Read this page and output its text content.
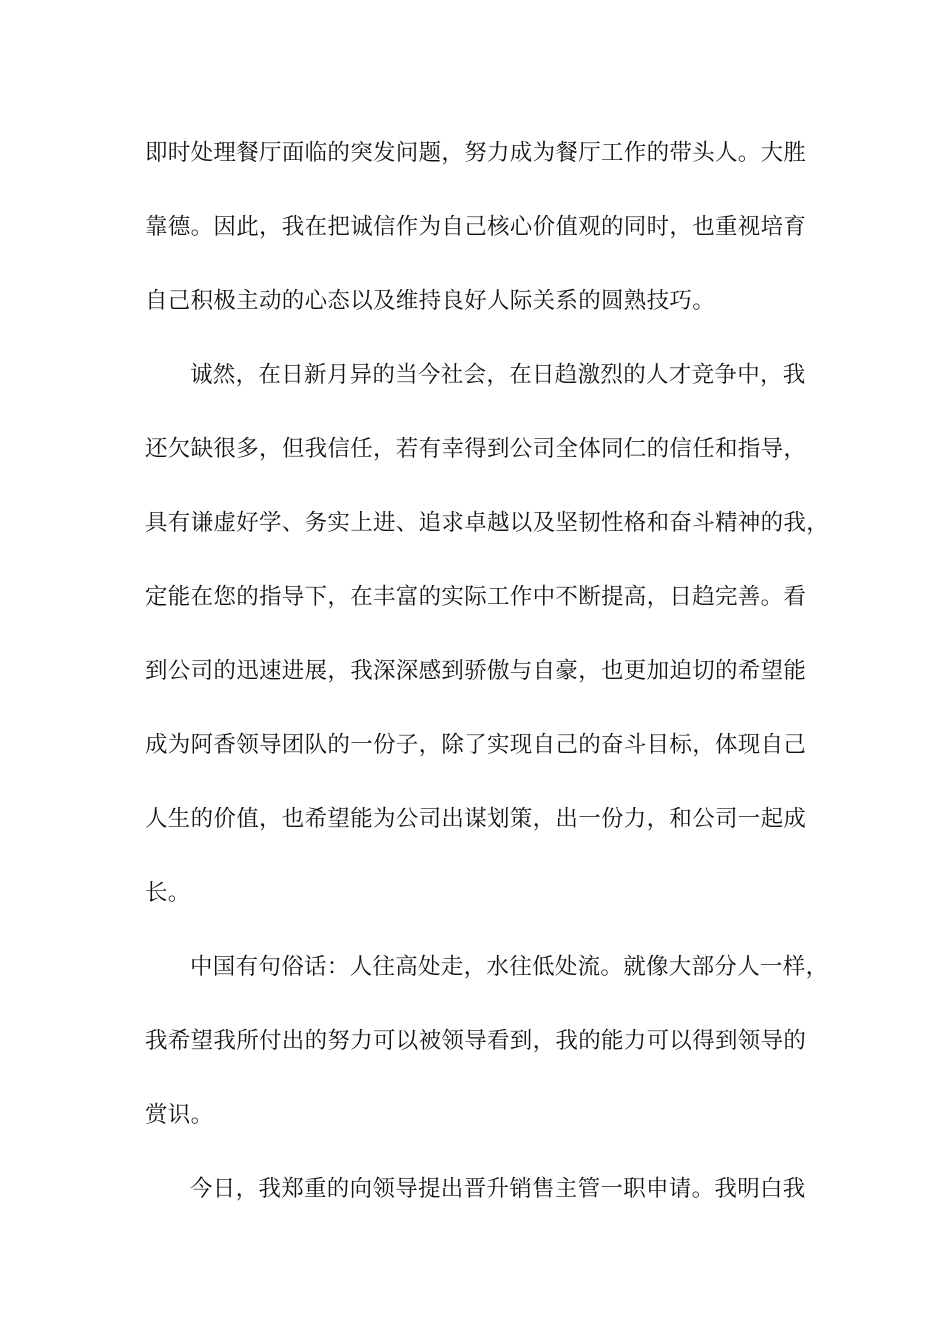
即时处理餐厅面临的突发问题，努力成为餐厅工作的带头人。大胜
靠德。因此，我在把诚信作为自己核心价值观的同时，也重视培育
自己积极主动的心态以及维持良好人际关系的圆熟技巧。
诚然，在日新月异的当今社会，在日趋激烈的人才竞争中，我
还欠缺很多，但我信任，若有幸得到公司全体同仁的信任和指导，
具有谦虚好学、务实上进、追求卓越以及坚韧性格和奋斗精神的我，
定能在您的指导下，在丰富的实际工作中不断提高，日趋完善。看
到公司的迅速进展，我深深感到骄傲与自豪，也更加迫切的希望能
成为阿香领导团队的一份子，除了实现自己的奋斗目标，体现自己
人生的价值，也希望能为公司出谋划策，出一份力，和公司一起成
长。
中国有句俗话：人往高处走，水往低处流。就像大部分人一样，
我希望我所付出的努力可以被领导看到，我的能力可以得到领导的
赏识。
今日，我郑重的向领导提出晋升销售主管一职申请。我明白我
